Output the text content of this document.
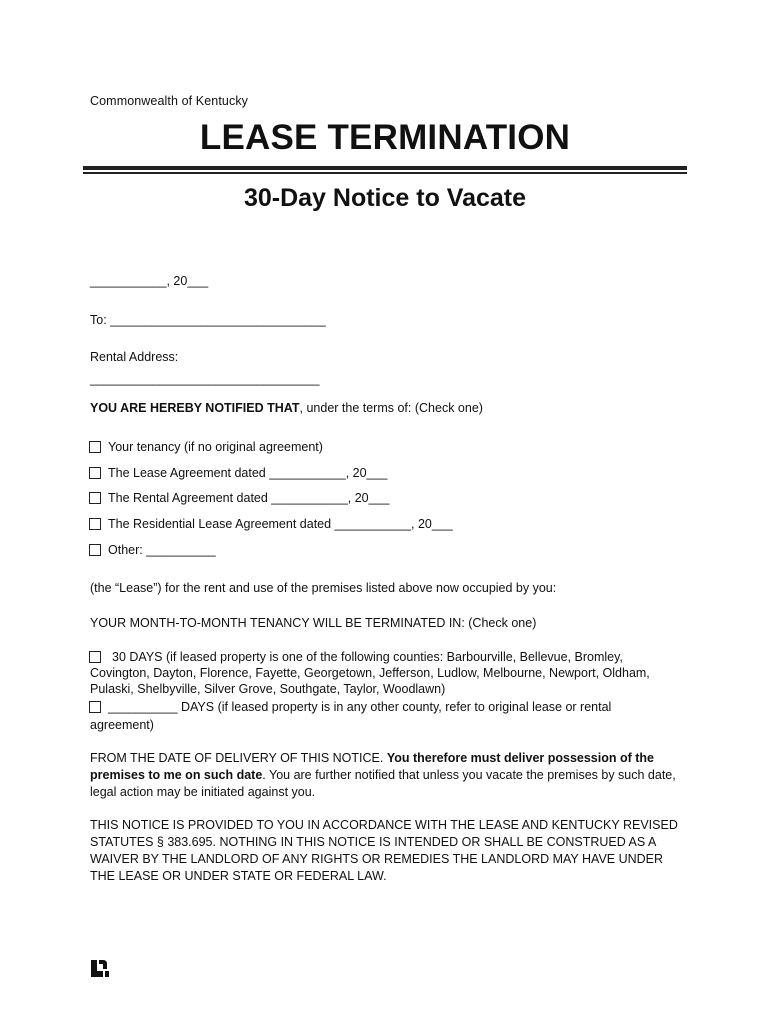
Commonwealth of Kentucky
LEASE TERMINATION
30-Day Notice to Vacate
___________, 20___
To: _______________________________
Rental Address:
_________________________________
YOU ARE HEREBY NOTIFIED THAT, under the terms of: (Check one)
Your tenancy (if no original agreement)
The Lease Agreement dated ___________, 20___
The Rental Agreement dated ___________, 20___
The Residential Lease Agreement dated ___________, 20___
Other: __________
(the “Lease”) for the rent and use of the premises listed above now occupied by you:
YOUR MONTH-TO-MONTH TENANCY WILL BE TERMINATED IN: (Check one)
30 DAYS (if leased property is one of the following counties: Barbourville, Bellevue, Bromley,
Covington, Dayton, Florence, Fayette, Georgetown, Jefferson, Ludlow, Melbourne, Newport, Oldham,
Pulaski, Shelbyville, Silver Grove, Southgate, Taylor, Woodlawn)
__________ DAYS (if leased property is in any other county, refer to original lease or rental
agreement)
FROM THE DATE OF DELIVERY OF THIS NOTICE. You therefore must deliver possession of the premises to me on such date. You are further notified that unless you vacate the premises by such date, legal action may be initiated against you.
THIS NOTICE IS PROVIDED TO YOU IN ACCORDANCE WITH THE LEASE AND KENTUCKY REVISED STATUTES § 383.695. NOTHING IN THIS NOTICE IS INTENDED OR SHALL BE CONSTRUED AS A WAIVER BY THE LANDLORD OF ANY RIGHTS OR REMEDIES THE LANDLORD MAY HAVE UNDER THE LEASE OR UNDER STATE OR FEDERAL LAW.
